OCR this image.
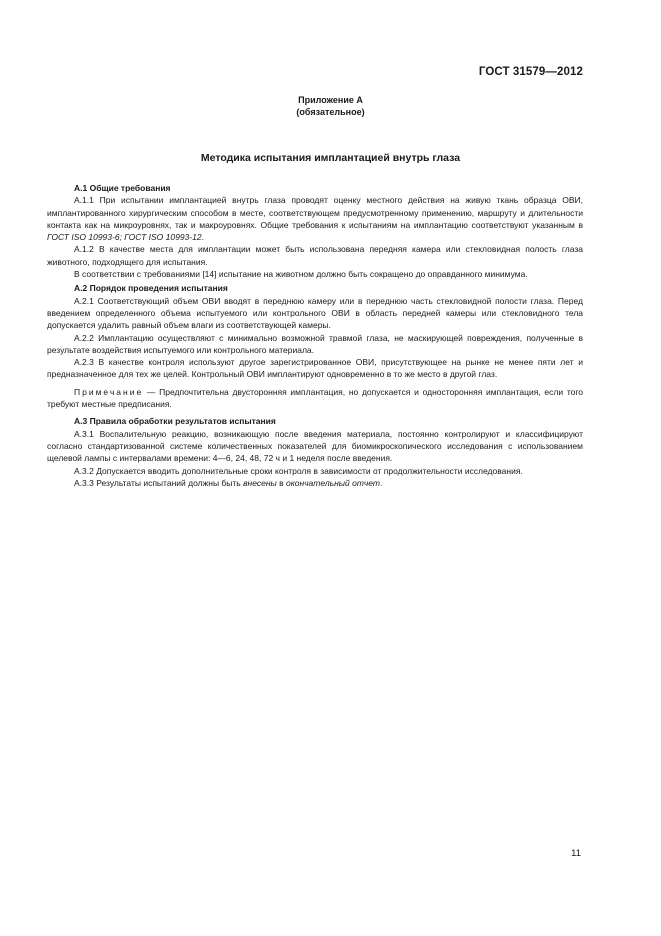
ГОСТ 31579—2012
Приложение А
(обязательное)
Методика испытания имплантацией внутрь глаза
А.1 Общие требования

А.1.1 При испытании имплантацией внутрь глаза проводят оценку местного действия на живую ткань образца ОВИ, имплантированного хирургическим способом в месте, соответствующем предусмотренному применению, маршруту и длительности контакта как на микроуровнях, так и макроуровнях. Общие требования к испытаниям на имплантацию соответствуют указанным в ГОСТ ISO 10993-6; ГОСТ ISO 10993-12.

А.1.2 В качестве места для имплантации может быть использована передняя камера или стекловидная полость глаза животного, подходящего для испытания.

В соответствии с требованиями [14] испытание на животном должно быть сокращено до оправданного минимума.

А.2 Порядок проведения испытания

А.2.1 Соответствующий объем ОВИ вводят в переднюю камеру или в переднюю часть стекловидной полости глаза. Перед введением определенного объема испытуемого или контрольного ОВИ в область передней камеры или стекловидного тела допускается удалить равный объем влаги из соответствующей камеры.

А.2.2 Имплантацию осуществляют с минимально возможной травмой глаза, не маскирующей повреждения, полученные в результате воздействия испытуемого или контрольного материала.

А.2.3 В качестве контроля используют другое зарегистрированное ОВИ, присутствующее на рынке не менее пяти лет и предназначенное для тех же целей. Контрольный ОВИ имплантируют одновременно в то же место в другой глаз.

Примечание — Предпочтительна двусторонняя имплантация, но допускается и односторонняя имплантация, если того требуют местные предписания.

А.3 Правила обработки результатов испытания

А.3.1 Воспалительную реакцию, возникающую после введения материала, постоянно контролируют и классифицируют согласно стандартизованной системе количественных показателей для биомикроскопического исследования с использованием щелевой лампы с интервалами времени: 4—6, 24, 48, 72 ч и 1 неделя после введения.

А.3.2 Допускается вводить дополнительные сроки контроля в зависимости от продолжительности исследования.

А.3.3 Результаты испытаний должны быть внесены в окончательный отчет.

11
